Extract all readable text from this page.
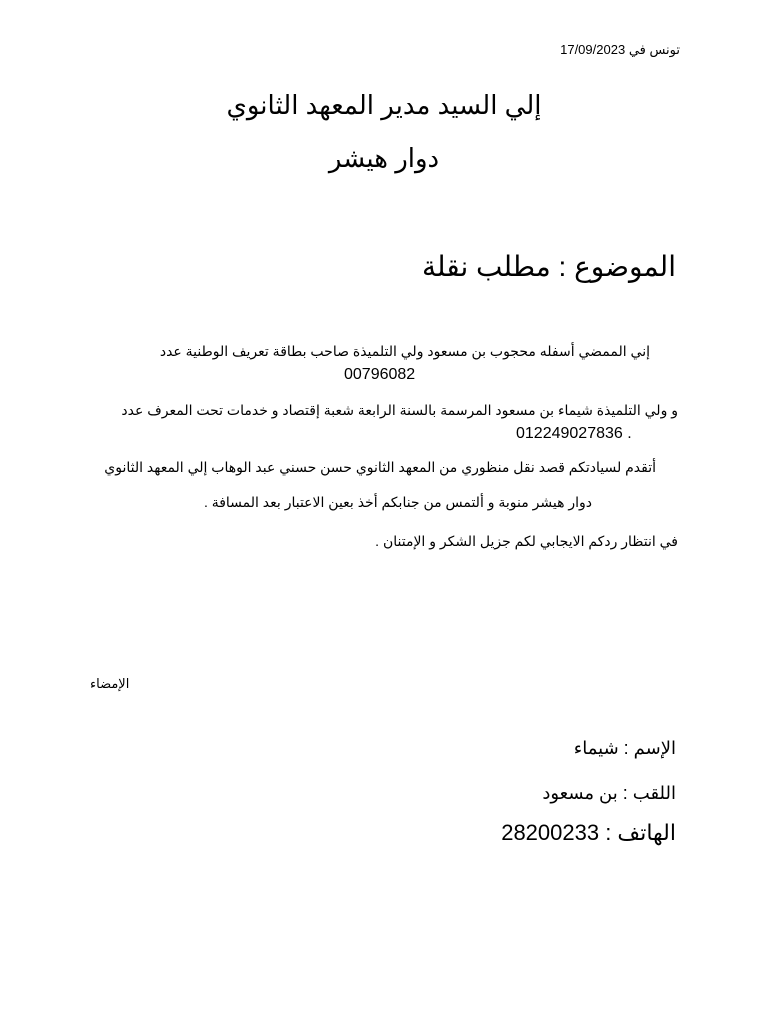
17/09/2023 تونس في
إلي السيد مدير المعهد الثانوي
دوار هيشر
الموضوع : مطلب نقلة
إني الممضي أسفله محجوب بن مسعود ولي التلميذة صاحب بطاقة تعريف الوطنية عدد
00796082
و ولي التلميذة شيماء بن مسعود المرسمة بالسنة الرابعة شعبة إقتصاد و خدمات تحت المعرف عدد
012249027836 .
أتقدم لسيادتكم قصد نقل منظوري من المعهد الثانوي حسن حسني عبد الوهاب إلي المعهد الثانوي
دوار هيشر منوبة و ألتمس من جنابكم أخذ بعين الاعتبار بعد المسافة .
في انتظار ردكم الايجابي لكم جزيل الشكر و الإمتنان .
الإمضاء
الإسم : شيماء
اللقب : بن مسعود
الهاتف : 28200233
